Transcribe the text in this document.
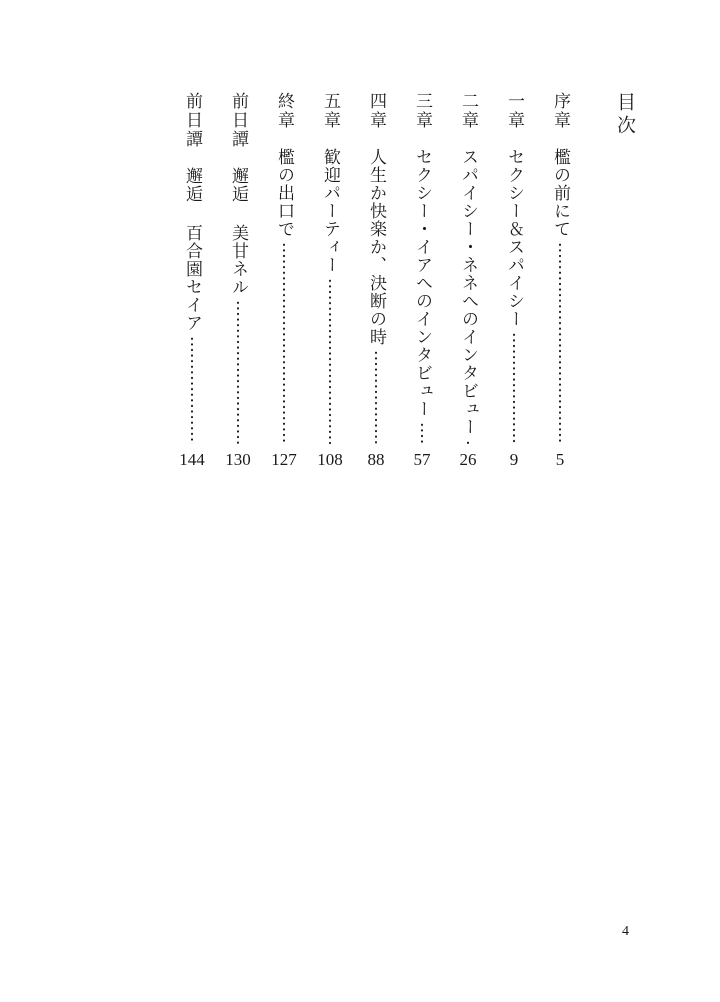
目次
序章
檻の前にて
5
一章
セクシー＆スパイシー
9
二章
スパイシー・ネネへのインタビュー
26
三章
セクシー・イアへのインタビュー
57
四章
人生か快楽か、決断の時
88
五章
歓迎パーティー
108
終章
檻の出口で
127
前日譚
邂逅 美甘ネル
130
前日譚
邂逅 百合園セイア
144
4
